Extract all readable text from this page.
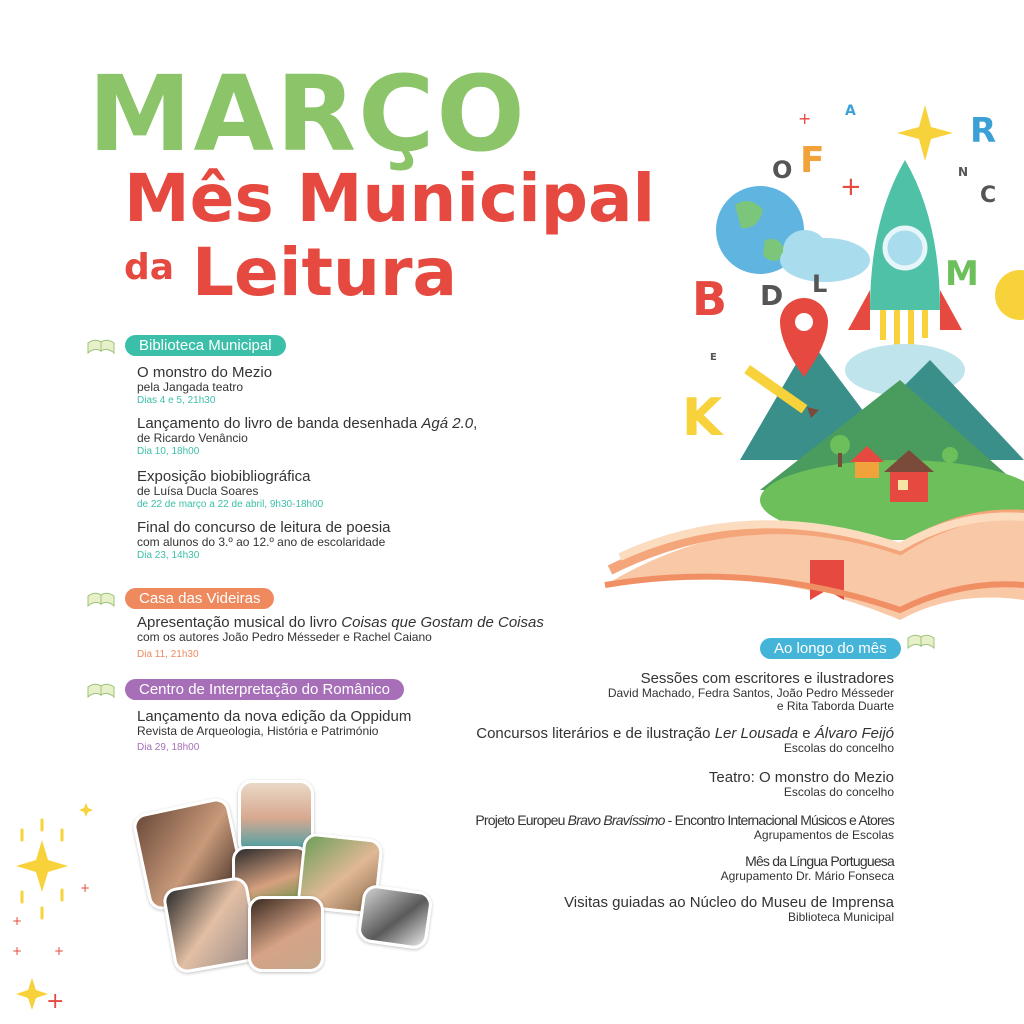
MARÇO
Mês Municipal
da Leitura
A	R
O F	N
C
B D L	M
E
K
+
+
Biblioteca Municipal
O monstro do Mezio
pela Jangada teatro
Dias 4 e 5, 21h30
Lançamento do livro de banda desenhada Agá 2.0,
de Ricardo Venâncio
Dia 10, 18h00
Exposição biobibliográfica
de Luísa Ducla Soares
de 22 de março a 22 de abril, 9h30-18h00
Final do concurso de leitura de poesia
com alunos do 3.º ao 12.º ano de escolaridade
Dia 23, 14h30
Casa das Videiras
Apresentação musical do livro Coisas que Gostam de Coisas
com os autores João Pedro Mésseder e Rachel Caiano
Dia 11, 21h30
Centro de Interpretação do Românico
Lançamento da nova edição da Oppidum
Revista de Arqueologia, História e Património
Dia 29, 18h00
Ao longo do mês
Sessões com escritores e ilustradores
David Machado, Fedra Santos, João Pedro Mésseder
e Rita Taborda Duarte
Concursos literários e de ilustração Ler Lousada e Álvaro Feijó
Escolas do concelho
Teatro: O monstro do Mezio
Escolas do concelho
Projeto Europeu Bravo Bravíssimo - Encontro Internacional Músicos e Atores
Agrupamentos de Escolas
Mês da Língua Portuguesa
Agrupamento Dr. Mário Fonseca
Visitas guiadas ao Núcleo do Museu de Imprensa
Biblioteca Municipal
+
+
+	+
+
